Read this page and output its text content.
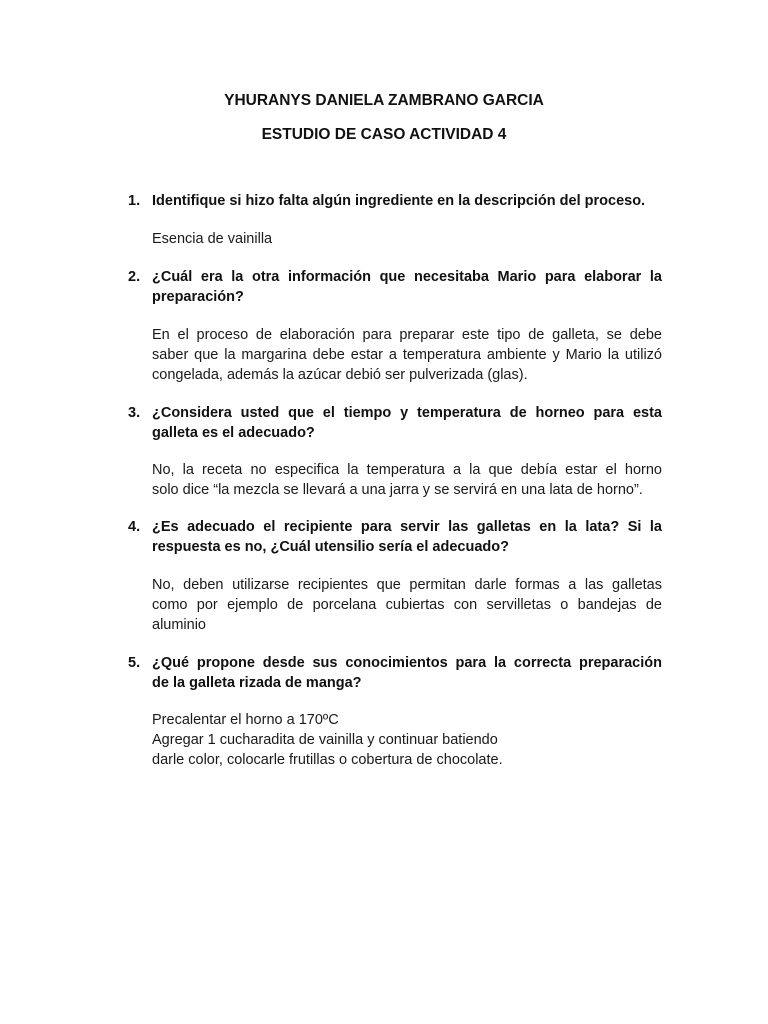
YHURANYS DANIELA ZAMBRANO GARCIA
ESTUDIO DE CASO ACTIVIDAD 4
1. Identifique si hizo falta algún ingrediente en la descripción del proceso.
Esencia de vainilla
2. ¿Cuál era la otra información que necesitaba Mario para elaborar la
preparación?
En el proceso de elaboración para preparar este tipo de galleta, se debe
saber que la margarina debe estar a temperatura ambiente y Mario la utilizó
congelada, además la azúcar debió ser pulverizada (glas).
3. ¿Considera usted que el tiempo y temperatura de horneo para esta
galleta es el adecuado?
No, la receta no especifica la temperatura a la que debía estar el horno
solo dice “la mezcla se llevará a una jarra y se servirá en una lata de horno”.
4. ¿Es adecuado el recipiente para servir las galletas en la lata? Si la
respuesta es no, ¿Cuál utensilio sería el adecuado?
No, deben utilizarse recipientes que permitan darle formas a las galletas
como por ejemplo de porcelana cubiertas con servilletas o bandejas de
aluminio
5. ¿Qué propone desde sus conocimientos para la correcta preparación
de la galleta rizada de manga?
Precalentar el horno a 170ºC
Agregar 1 cucharadita de vainilla y continuar batiendo
darle color, colocarle frutillas o cobertura de chocolate.
